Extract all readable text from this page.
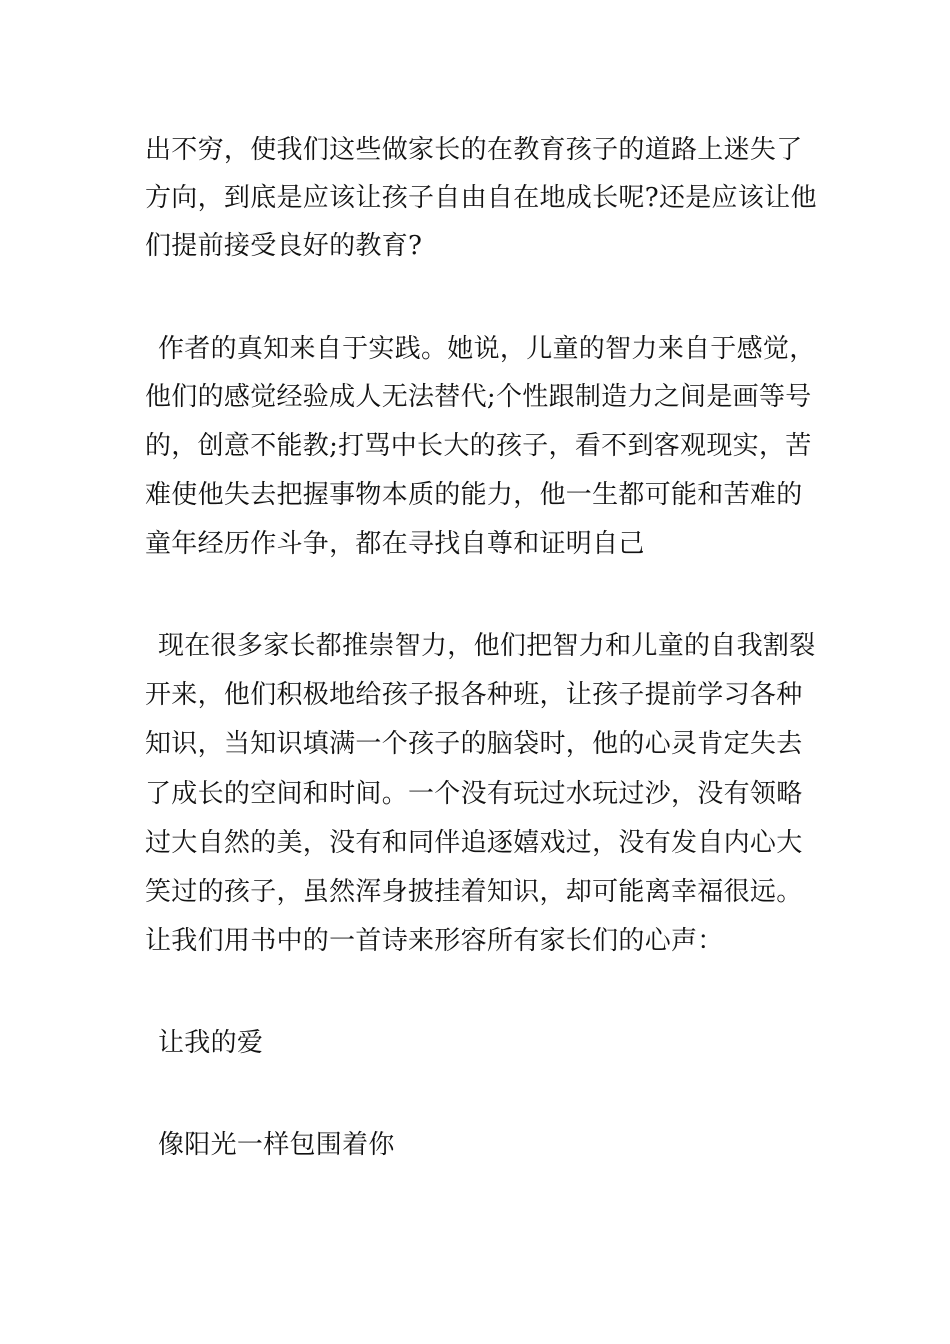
出不穷，使我们这些做家长的在教育孩子的道路上迷失了
方向，到底是应该让孩子自由自在地成长呢?还是应该让他
们提前接受良好的教育?
作者的真知来自于实践。她说，儿童的智力来自于感觉，
他们的感觉经验成人无法替代;个性跟制造力之间是画等号
的，创意不能教;打骂中长大的孩子，看不到客观现实，苦
难使他失去把握事物本质的能力，他一生都可能和苦难的
童年经历作斗争，都在寻找自尊和证明自己
现在很多家长都推崇智力，他们把智力和儿童的自我割裂
开来，他们积极地给孩子报各种班，让孩子提前学习各种
知识，当知识填满一个孩子的脑袋时，他的心灵肯定失去
了成长的空间和时间。一个没有玩过水玩过沙，没有领略
过大自然的美，没有和同伴追逐嬉戏过，没有发自内心大
笑过的孩子，虽然浑身披挂着知识，却可能离幸福很远。
让我们用书中的一首诗来形容所有家长们的心声：
让我的爱
像阳光一样包围着你
